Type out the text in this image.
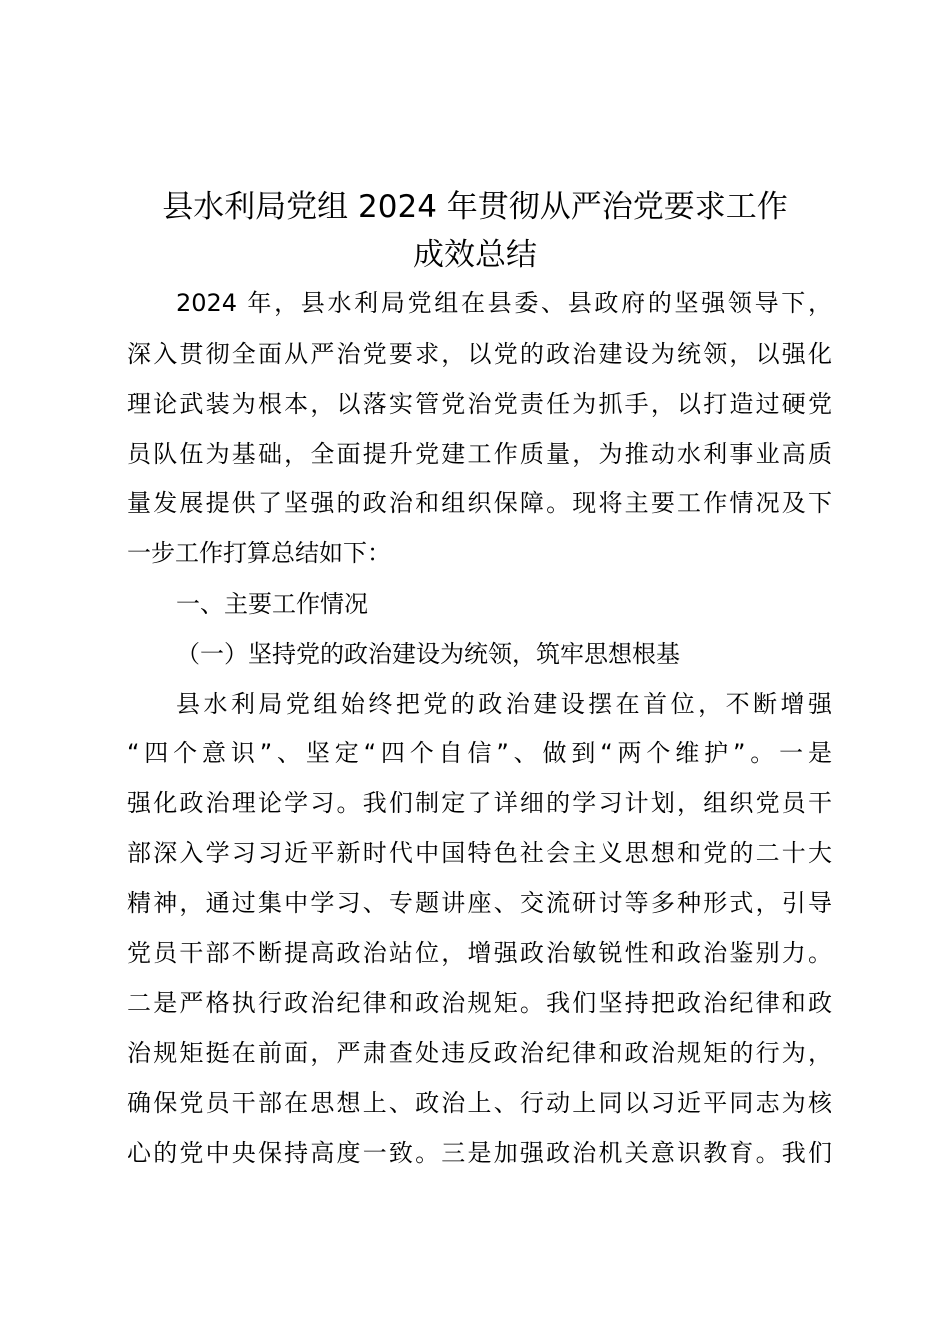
县水利局党组 2024 年贯彻从严治党要求工作
成效总结
2024 年，县水利局党组在县委、县政府的坚强领导下，
深入贯彻全面从严治党要求，以党的政治建设为统领，以强化
理论武装为根本，以落实管党治党责任为抓手，以打造过硬党
员队伍为基础，全面提升党建工作质量，为推动水利事业高质
量发展提供了坚强的政治和组织保障。现将主要工作情况及下
一步工作打算总结如下：
一、主要工作情况
（一）坚持党的政治建设为统领，筑牢思想根基
县水利局党组始终把党的政治建设摆在首位，不断增强
“四个意识”、坚定“四个自信”、做到“两个维护”。一是
强化政治理论学习。我们制定了详细的学习计划，组织党员干
部深入学习习近平新时代中国特色社会主义思想和党的二十大
精神，通过集中学习、专题讲座、交流研讨等多种形式，引导
党员干部不断提高政治站位，增强政治敏锐性和政治鉴别力。
二是严格执行政治纪律和政治规矩。我们坚持把政治纪律和政
治规矩挺在前面，严肃查处违反政治纪律和政治规矩的行为，
确保党员干部在思想上、政治上、行动上同以习近平同志为核
心的党中央保持高度一致。三是加强政治机关意识教育。我们
